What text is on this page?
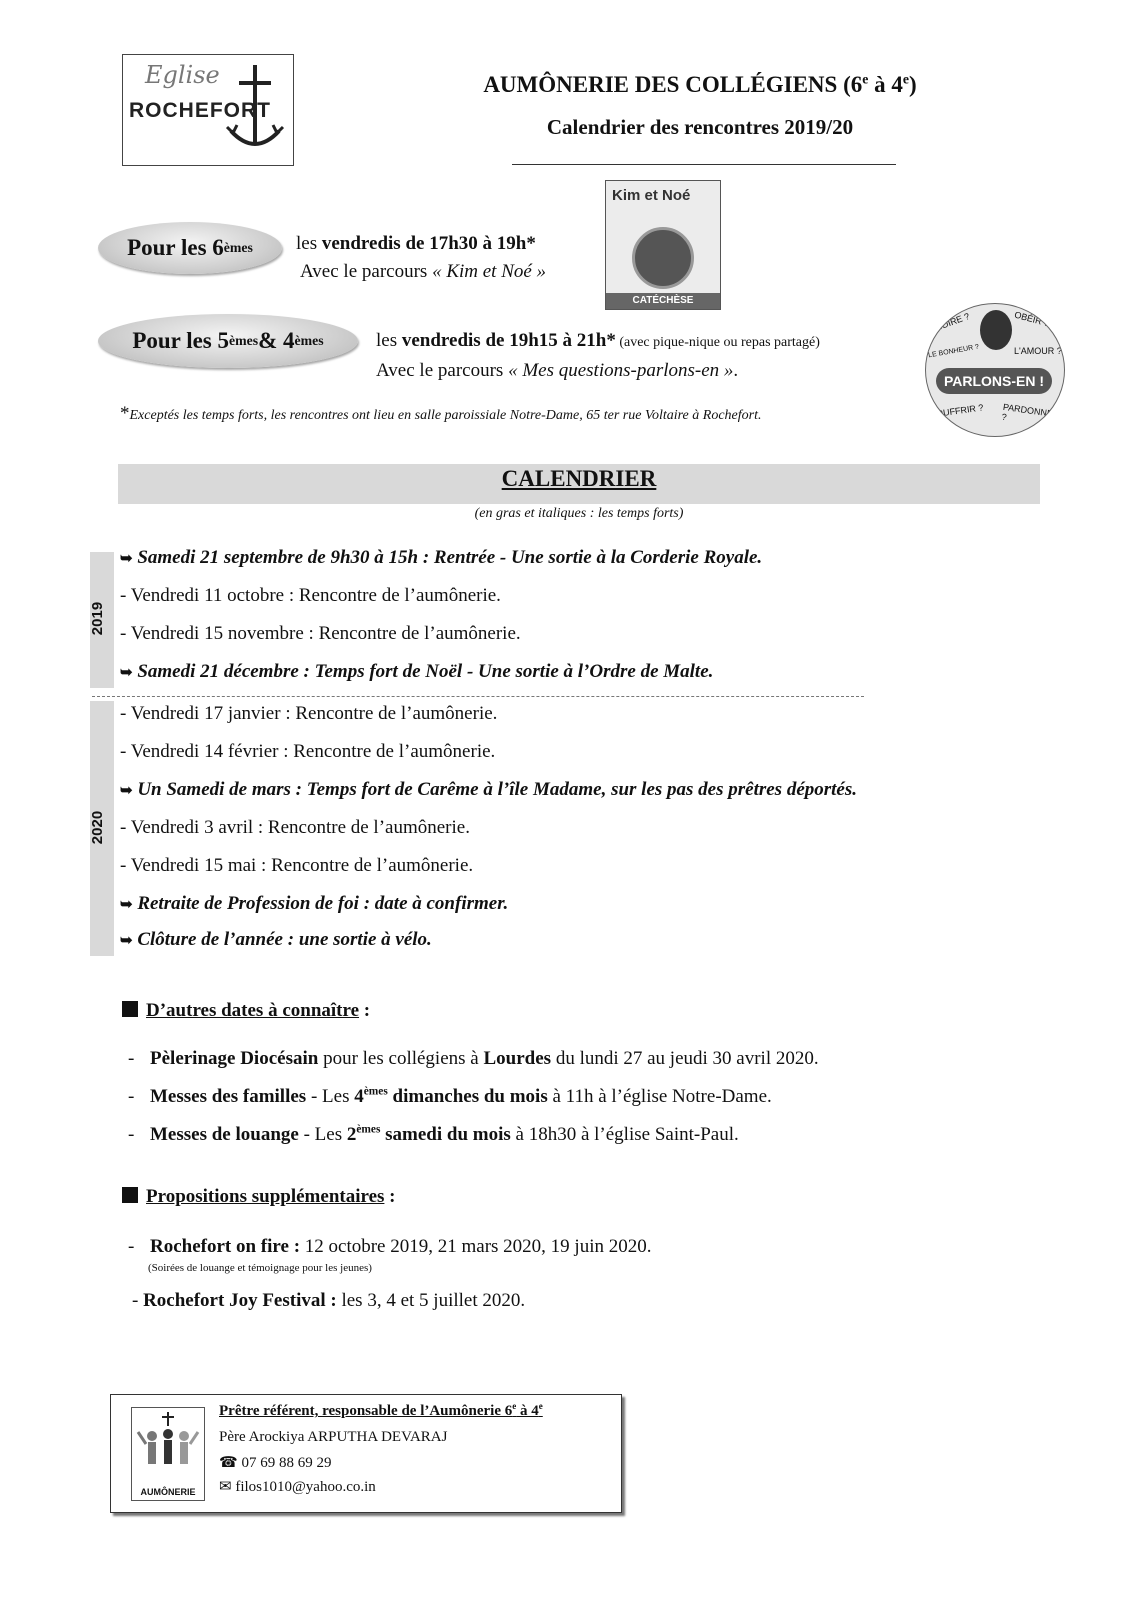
Eglise
ROCHEFORT
AUMÔNERIE DES COLLÉGIENS (6e à 4e)
Calendrier des rencontres 2019/20
Pour les 6 èmes les vendredis de 17h30 à 19h*
Avec le parcours « Kim et Noé »
Kim et Noé
CATÉCHÈSE
Pour les 5 èmes & 4 èmes	les vendredis de 19h15 à 21h* (avec pique-nique ou repas partagé)
Avec le parcours « Mes questions-parlons-en ».
CROIRE ?	OBÉIR ?
LE BONHEUR ?	L'AMOUR ?
PARLONS-EN !
SOUFFRIR ? PARDONNER ?
*Exceptés les temps forts, les rencontres ont lieu en salle paroissiale Notre-Dame, 65 ter rue Voltaire à Rochefort.
CALENDRIER
(en gras et italiques : les temps forts)
2019
2020
➥ Samedi 21 septembre de 9h30 à 15h : Rentrée - Une sortie à la Corderie Royale.
- Vendredi 11 octobre : Rencontre de l’aumônerie.
- Vendredi 15 novembre : Rencontre de l’aumônerie.
➥ Samedi 21 décembre : Temps fort de Noël - Une sortie à l’Ordre de Malte.
- Vendredi 17 janvier : Rencontre de l’aumônerie.
- Vendredi 14 février : Rencontre de l’aumônerie.
➥ Un Samedi de mars : Temps fort de Carême à l’île Madame, sur les pas des prêtres déportés.
- Vendredi 3 avril : Rencontre de l’aumônerie.
- Vendredi 15 mai : Rencontre de l’aumônerie.
➥ Retraite de Profession de foi : date à confirmer.
➥ Clôture de l’année : une sortie à vélo.
D’autres dates à connaître :
- Pèlerinage Diocésain pour les collégiens à Lourdes du lundi 27 au jeudi 30 avril 2020.
- Messes des familles - Les 4èmes dimanches du mois à 11h à l’église Notre-Dame.
- Messes de louange - Les 2èmes samedi du mois à 18h30 à l’église Saint-Paul.
Propositions supplémentaires :
- Rochefort on fire : 12 octobre 2019, 21 mars 2020, 19 juin 2020.
(Soirées de louange et témoignage pour les jeunes)
- Rochefort Joy Festival : les 3, 4 et 5 juillet 2020.
AUMÔNERIE
Prêtre référent, responsable de l’Aumônerie 6e à 4e
Père Arockiya ARPUTHA DEVARAJ
☎ 07 69 88 69 29
✉ filos1010@yahoo.co.in
